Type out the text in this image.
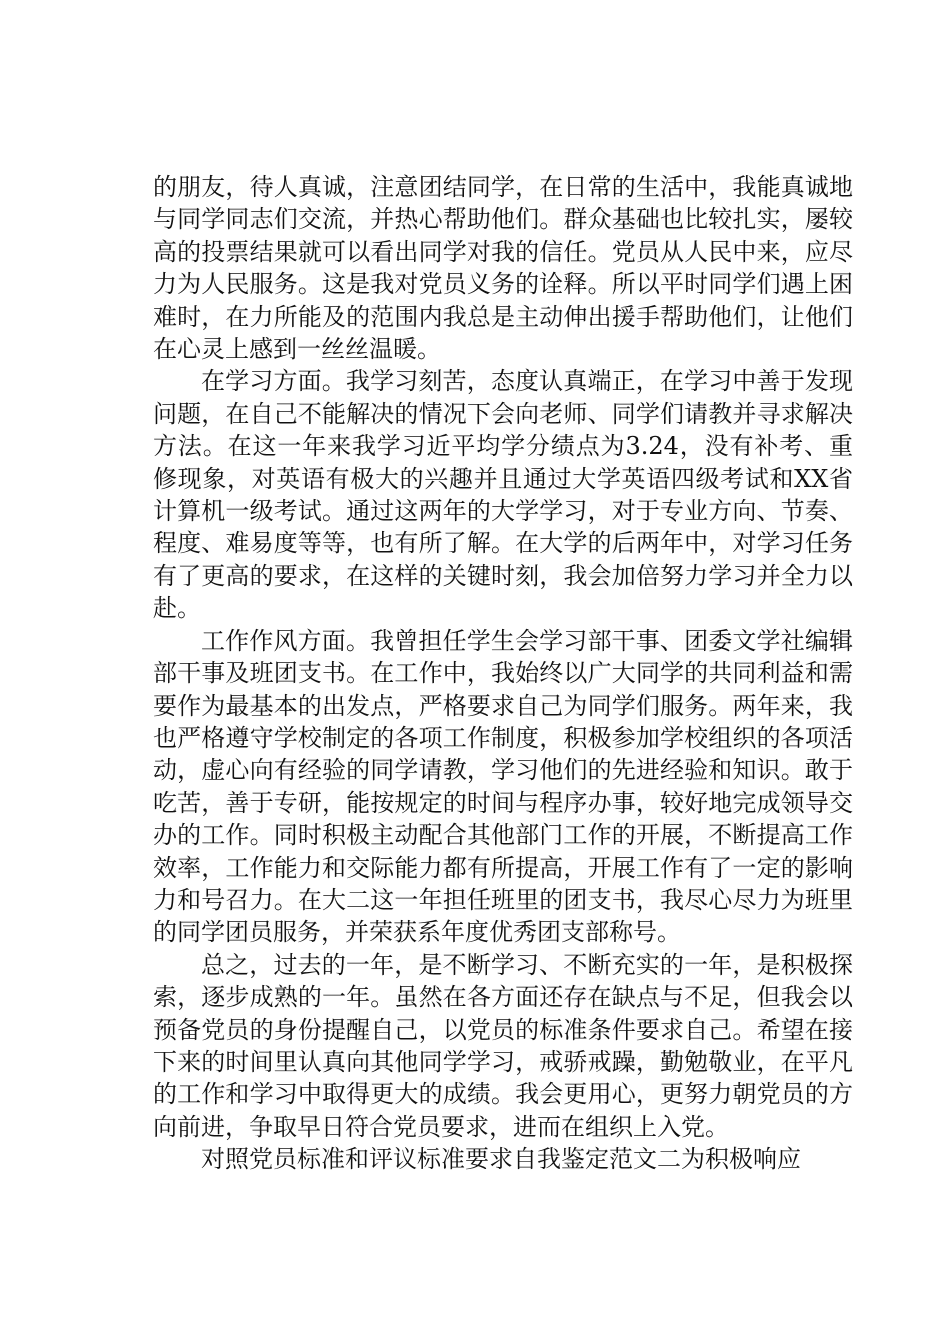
的朋友，待人真诚，注意团结同学，在日常的生活中，我能真诚地与同学同志们交流，并热心帮助他们。群众基础也比较扎实，屡较高的投票结果就可以看出同学对我的信任。党员从人民中来，应尽力为人民服务。这是我对党员义务的诠释。所以平时同学们遇上困难时，在力所能及的范围内我总是主动伸出援手帮助他们，让他们在心灵上感到一丝丝温暖。

在学习方面。我学习刻苦，态度认真端正，在学习中善于发现问题，在自己不能解决的情况下会向老师、同学们请教并寻求解决方法。在这一年来我学习近平均学分绩点为3.24，没有补考、重修现象，对英语有极大的兴趣并且通过大学英语四级考试和XX省计算机一级考试。通过这两年的大学学习，对于专业方向、节奏、程度、难易度等等，也有所了解。在大学的后两年中，对学习任务有了更高的要求，在这样的关键时刻，我会加倍努力学习并全力以赴。

工作作风方面。我曾担任学生会学习部干事、团委文学社编辑部干事及班团支书。在工作中，我始终以广大同学的共同利益和需要作为最基本的出发点，严格要求自己为同学们服务。两年来，我也严格遵守学校制定的各项工作制度，积极参加学校组织的各项活动，虚心向有经验的同学请教，学习他们的先进经验和知识。敢于吃苦，善于专研，能按规定的时间与程序办事，较好地完成领导交办的工作。同时积极主动配合其他部门工作的开展，不断提高工作效率，工作能力和交际能力都有所提高，开展工作有了一定的影响力和号召力。在大二这一年担任班里的团支书，我尽心尽力为班里的同学团员服务，并荣获系年度优秀团支部称号。

总之，过去的一年，是不断学习、不断充实的一年，是积极探索，逐步成熟的一年。虽然在各方面还存在缺点与不足，但我会以预备党员的身份提醒自己，以党员的标准条件要求自己。希望在接下来的时间里认真向其他同学学习，戒骄戒躁，勤勉敬业，在平凡的工作和学习中取得更大的成绩。我会更用心，更努力朝党员的方向前进，争取早日符合党员要求，进而在组织上入党。

对照党员标准和评议标准要求自我鉴定范文二为积极响应
